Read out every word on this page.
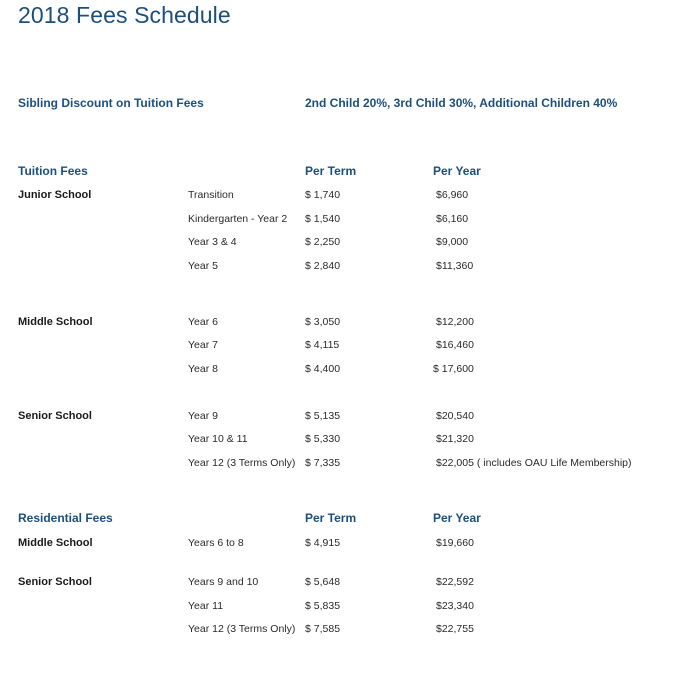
2018 Fees Schedule
Sibling Discount on Tuition Fees	2nd Child 20%, 3rd Child 30%, Additional Children 40%
Tuition Fees	Per Term	Per Year
Junior School	Transition	$ 1,740	$6,960
Kindergarten - Year 2 $ 1,540	$6,160
Year 3 & 4	$ 2,250	$9,000
Year 5	$ 2,840	$11,360
Middle School	Year 6	$ 3,050	$12,200
Year 7	$ 4,115	$16,460
Year 8	$ 4,400	$ 17,600
Senior School	Year 9	$ 5,135	$20,540
Year 10 & 11	$ 5,330	$21,320
Year 12 (3 Terms Only) $ 7,335	$22,005 ( includes OAU Life Membership)
Residential Fees	Per Term	Per Year
Middle School	Years 6 to 8	$ 4,915	$19,660
Senior School	Years 9 and 10	$ 5,648	$22,592
Year 11	$ 5,835	$23,340
Year 12 (3 Terms Only) $ 7,585	$22,755
